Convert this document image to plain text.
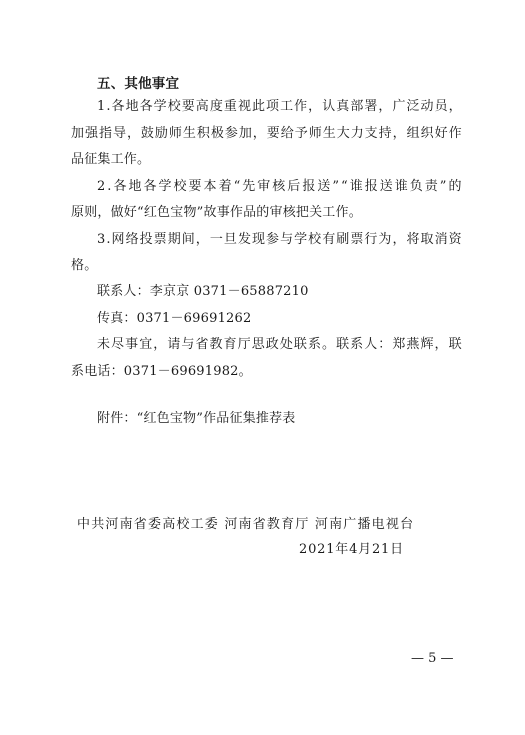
五、其他事宜
1 . 各 地 各 学 校 要 高 度 重 视 此 项 工 作 ， 认 真 部 署 ， 广 泛 动 员 ，
加 强 指 导 ， 鼓 励 师 生 积 极 参 加 ， 要 给 予 师 生 大 力 支 持 ， 组 织 好 作
品征集工作。
2 . 各 地 各 学 校 要 本 着 “ 先 审 核 后 报 送 ” “ 谁 报 送 谁 负 责 ” 的
原则，做好“红色宝物”故事作品的审核把关工作。
3 . 网 络 投 票 期 间 ， 一 旦 发 现 参 与 学 校 有 刷 票 行 为 ， 将 取 消 资
格。
联系人：李京京 0371－65887210
传真：0371－69691262
未 尽 事 宜 ， 请 与 省 教 育 厅 思 政 处 联 系 。 联 系 人 ： 郑 燕 辉 ， 联
系电话：0371－69691982。
附件：“红色宝物”作品征集推荐表
中共河南省委高校工委 河南省教育厅 河南广播电视台
2021年4月21日
— 5 —
